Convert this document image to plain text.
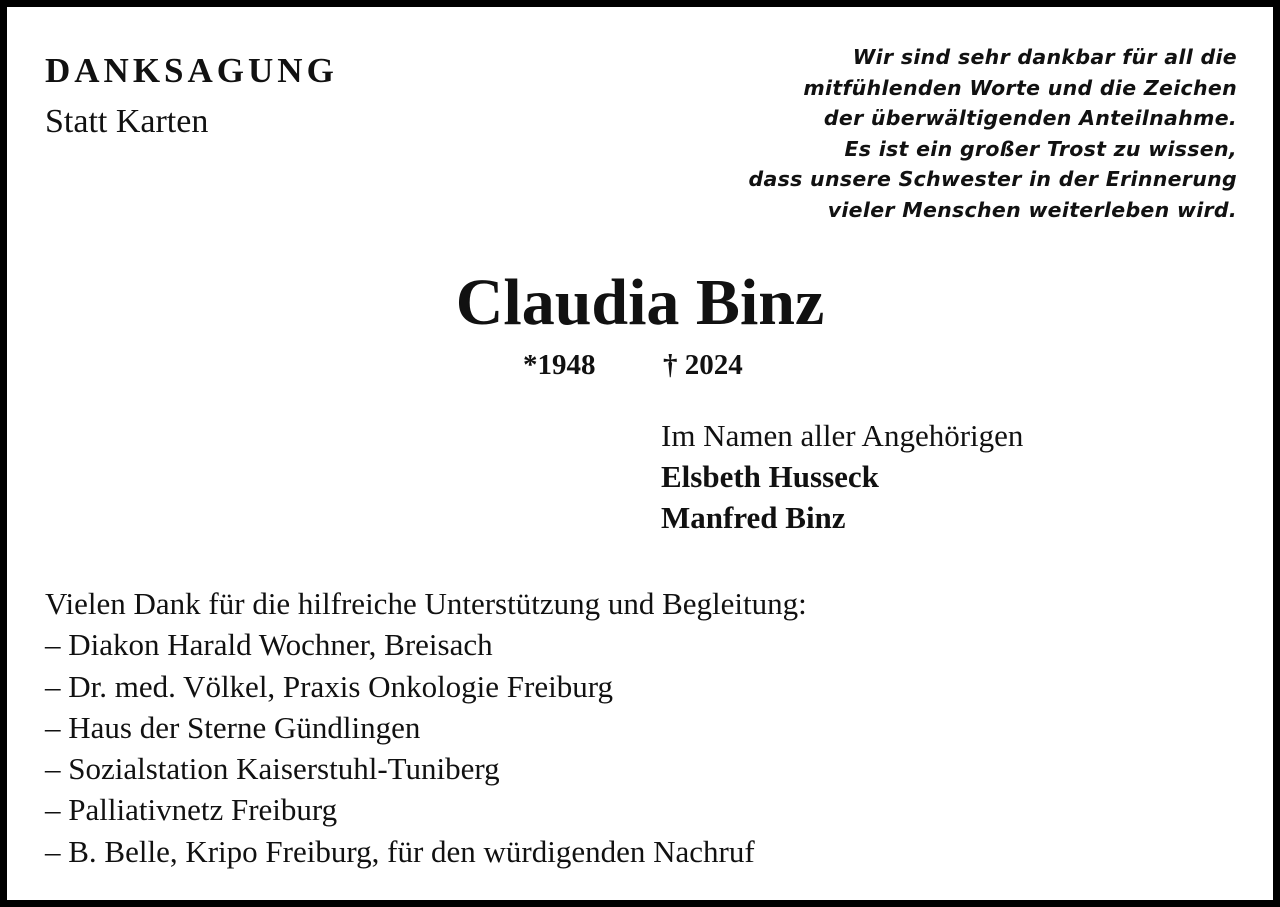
DANKSAGUNG
Statt Karten
Wir sind sehr dankbar für all die
mitfühlenden Worte und die Zeichen
der überwältigenden Anteilnahme.
Es ist ein großer Trost zu wissen,
dass unsere Schwester in der Erinnerung
vieler Menschen weiterleben wird.
Claudia Binz
*1948 † 2024
Im Namen aller Angehörigen
Elsbeth Husseck
Manfred Binz
Vielen Dank für die hilfreiche Unterstützung und Begleitung:
– Diakon Harald Wochner, Breisach
– Dr. med. Völkel, Praxis Onkologie Freiburg
– Haus der Sterne Gündlingen
– Sozialstation Kaiserstuhl-Tuniberg
– Palliativnetz Freiburg
– B. Belle, Kripo Freiburg, für den würdigenden Nachruf
